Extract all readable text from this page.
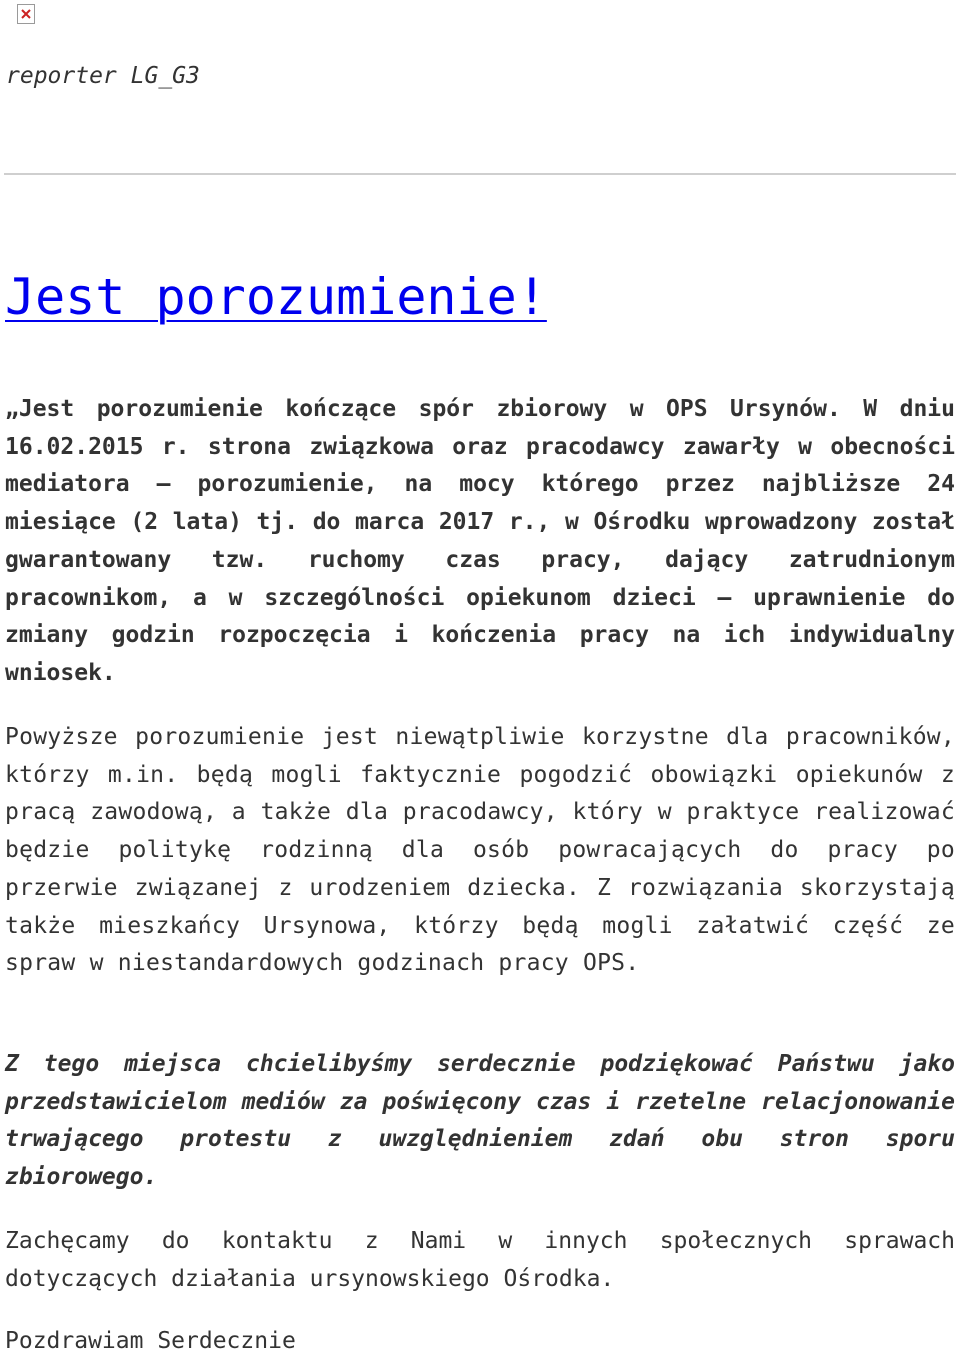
reporter LG_G3

Jest porozumienie!

„Jest porozumienie kończące spór zbiorowy w OPS Ursynów. W dniu 16.02.2015 r. strona związkowa oraz pracodawcy zawarły w obecności mediatora – porozumienie, na mocy którego przez najbliższe 24 miesiące (2 lata) tj. do marca 2017 r., w Ośrodku wprowadzony został gwarantowany tzw. ruchomy czas pracy, dający zatrudnionym pracownikom, a w szczególności opiekunom dzieci – uprawnienie do zmiany godzin rozpoczęcia i kończenia pracy na ich indywidualny wniosek.

Powyższe porozumienie jest niewątpliwie korzystne dla pracowników, którzy m.in. będą mogli faktycznie pogodzić obowiązki opiekunów z pracą zawodową, a także dla pracodawcy, który w praktyce realizować będzie politykę rodzinną dla osób powracających do pracy po przerwie związanej z urodzeniem dziecka. Z rozwiązania skorzystają także mieszkańcy Ursynowa, którzy będą mogli załatwić część ze spraw w niestandardowych godzinach pracy OPS.

Z tego miejsca chcielibyśmy serdecznie podziękować Państwu jako przedstawicielom mediów za poświęcony czas i rzetelne relacjonowanie trwającego protestu z uwzględnieniem zdań obu stron sporu zbiorowego.

Zachęcamy do kontaktu z Nami w innych społecznych sprawach dotyczących działania ursynowskiego Ośrodka.

Pozdrawiam Serdecznie
